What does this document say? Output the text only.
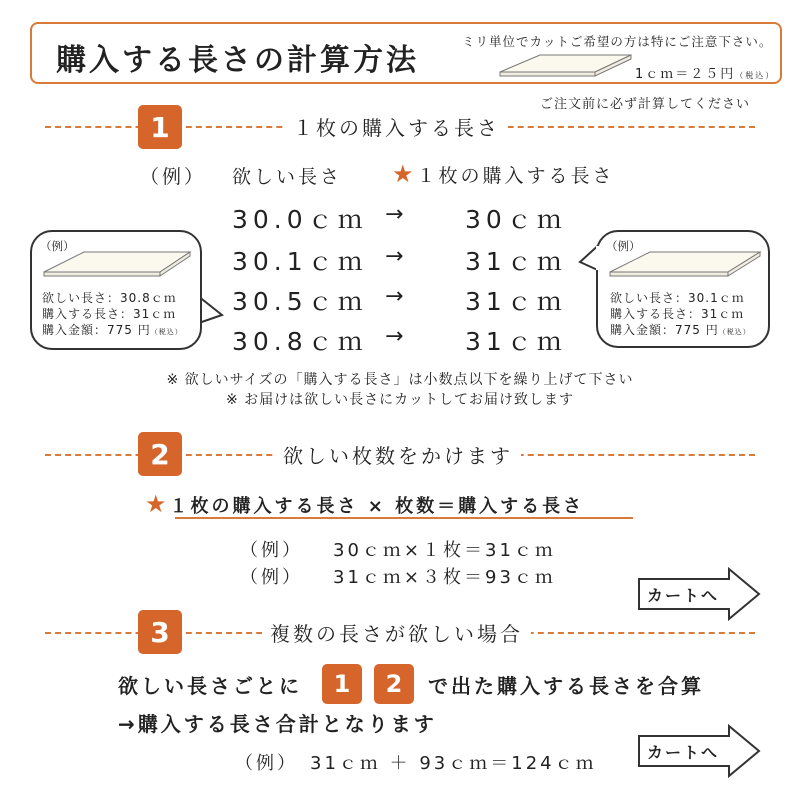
購入する長さの計算方法
ミリ単位でカットご希望の方は特にご注意下さい。
1ｃｍ＝２５円（税込）
ご注文前に必ず計算してください
1	１枚の購入する長さ
（例） 欲しい長さ ★１枚の購入する長さ
30.0ｃｍ → 30ｃｍ
30.1ｃｍ → 31ｃｍ
30.5ｃｍ → 31ｃｍ
30.8ｃｍ → 31ｃｍ
（例）
欲しい長さ：30.8ｃｍ
購入する長さ：31ｃｍ
購入金額：775 円（税込）
（例）
欲しい長さ：30.1ｃｍ
購入する長さ：31ｃｍ
購入金額：775 円（税込）
※ 欲しいサイズの「購入する長さ」は小数点以下を繰り上げて下さい
※ お届けは欲しい長さにカットしてお届け致します
2	欲しい枚数をかけます
★１枚の購入する長さ × 枚数＝購入する長さ
（例） 30ｃｍ×１枚＝31ｃｍ
（例） 31ｃｍ×３枚＝93ｃｍ
カートへ
3	複数の長さが欲しい場合
欲しい長さごとに	1	2	で出た購入する長さを合算
→購入する長さ合計となります
（例） 31ｃｍ ＋ 93ｃｍ＝124ｃｍ
カートへ
